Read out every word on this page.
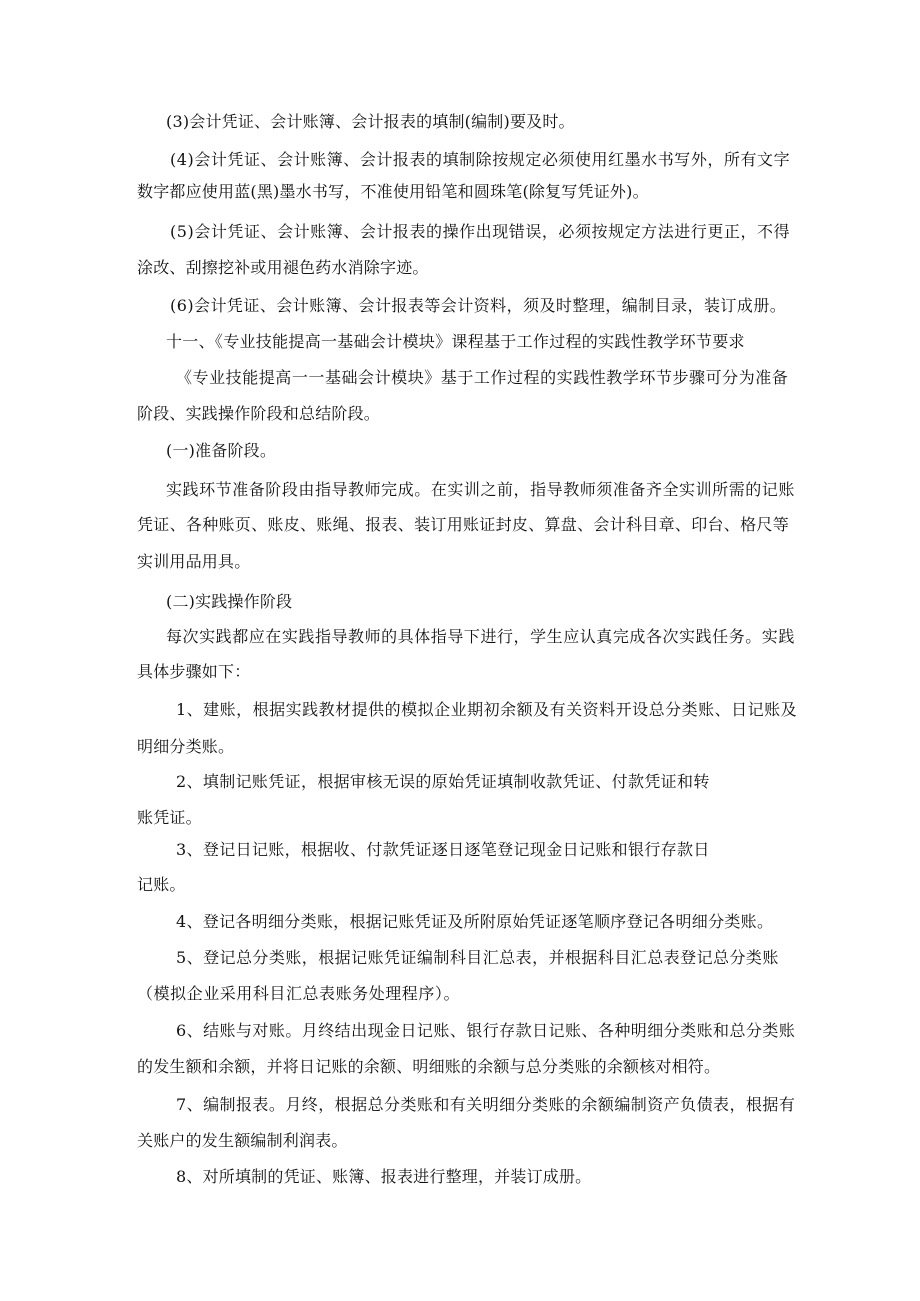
(3)会计凭证、会计账簿、会计报表的填制(编制)要及时。

(4)会计凭证、会计账簿、会计报表的填制除按规定必须使用红墨水书写外，所有文字

数字都应使用蓝(黑)墨水书写，不准使用铅笔和圆珠笔(除复写凭证外)。

(5)会计凭证、会计账簿、会计报表的操作出现错误，必须按规定方法进行更正，不得

涂改、刮擦挖补或用褪色药水消除字迹。

(6)会计凭证、会计账簿、会计报表等会计资料，须及时整理，编制目录，装订成册。

十一、《专业技能提高一基础会计模块》课程基于工作过程的实践性教学环节要求

《专业技能提高一一基础会计模块》基于工作过程的实践性教学环节步骤可分为准备

阶段、实践操作阶段和总结阶段。

(一)准备阶段。

实践环节准备阶段由指导教师完成。在实训之前，指导教师须准备齐全实训所需的记账

凭证、各种账页、账皮、账绳、报表、装订用账证封皮、算盘、会计科目章、印台、格尺等

实训用品用具。

(二)实践操作阶段

每次实践都应在实践指导教师的具体指导下进行，学生应认真完成各次实践任务。实践

具体步骤如下：

1、建账，根据实践教材提供的模拟企业期初余额及有关资料开设总分类账、日记账及

明细分类账。

2、填制记账凭证，根据审核无误的原始凭证填制收款凭证、付款凭证和转

账凭证。

3、登记日记账，根据收、付款凭证逐日逐笔登记现金日记账和银行存款日

记账。

4、登记各明细分类账，根据记账凭证及所附原始凭证逐笔顺序登记各明细分类账。

5、登记总分类账，根据记账凭证编制科目汇总表，并根据科目汇总表登记总分类账

（模拟企业采用科目汇总表账务处理程序）。

6、结账与对账。月终结出现金日记账、银行存款日记账、各种明细分类账和总分类账

的发生额和余额，并将日记账的余额、明细账的余额与总分类账的余额核对相符。

7、编制报表。月终，根据总分类账和有关明细分类账的余额编制资产负债表，根据有

关账户的发生额编制利润表。

8、对所填制的凭证、账簿、报表进行整理，并装订成册。
